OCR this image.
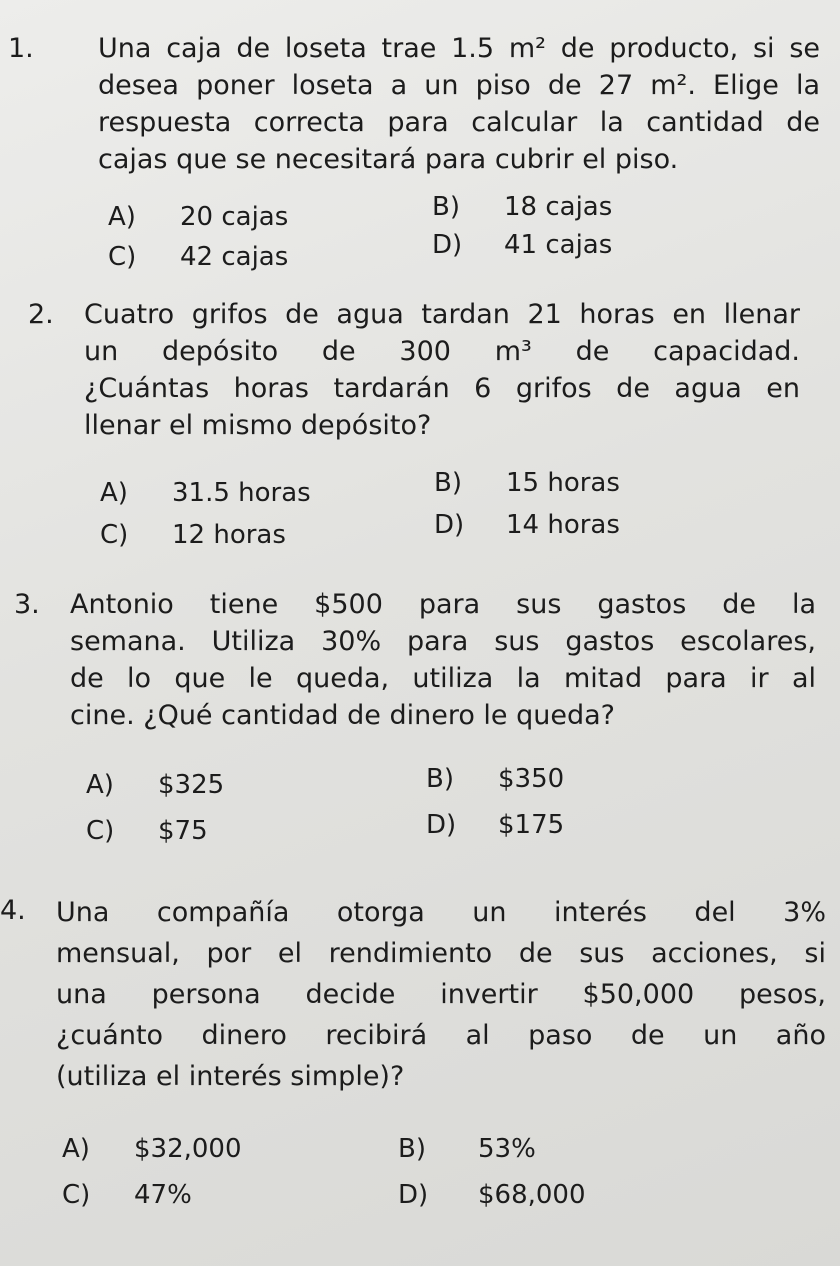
1. Una caja de loseta trae 1.5 m² de producto, si se
desea poner loseta a un piso de 27 m². Elige la
respuesta correcta para calcular la cantidad de
cajas que se necesitará para cubrir el piso.

A) 20 cajas	B) 18 cajas
C) 42 cajas	D) 41 cajas
2. Cuatro grifos de agua tardan 21 horas en llenar
un depósito de 300 m³ de capacidad.
¿Cuántas horas tardarán 6 grifos de agua en
llenar el mismo depósito?

A) 31.5 horas	B) 15 horas
C) 12 horas	D) 14 horas
3. Antonio tiene $500 para sus gastos de la
semana. Utiliza 30% para sus gastos escolares,
de lo que le queda, utiliza la mitad para ir al
cine. ¿Qué cantidad de dinero le queda?

A) $325	B) $350
C) $75	D) $175
4. Una compañía otorga un interés del 3%
mensual, por el rendimiento de sus acciones, si
una persona decide invertir $50,000 pesos,
¿cuánto dinero recibirá al paso de un año
(utiliza el interés simple)?

A) $32,000	B) 53%
C) 47%	D) $68,000
